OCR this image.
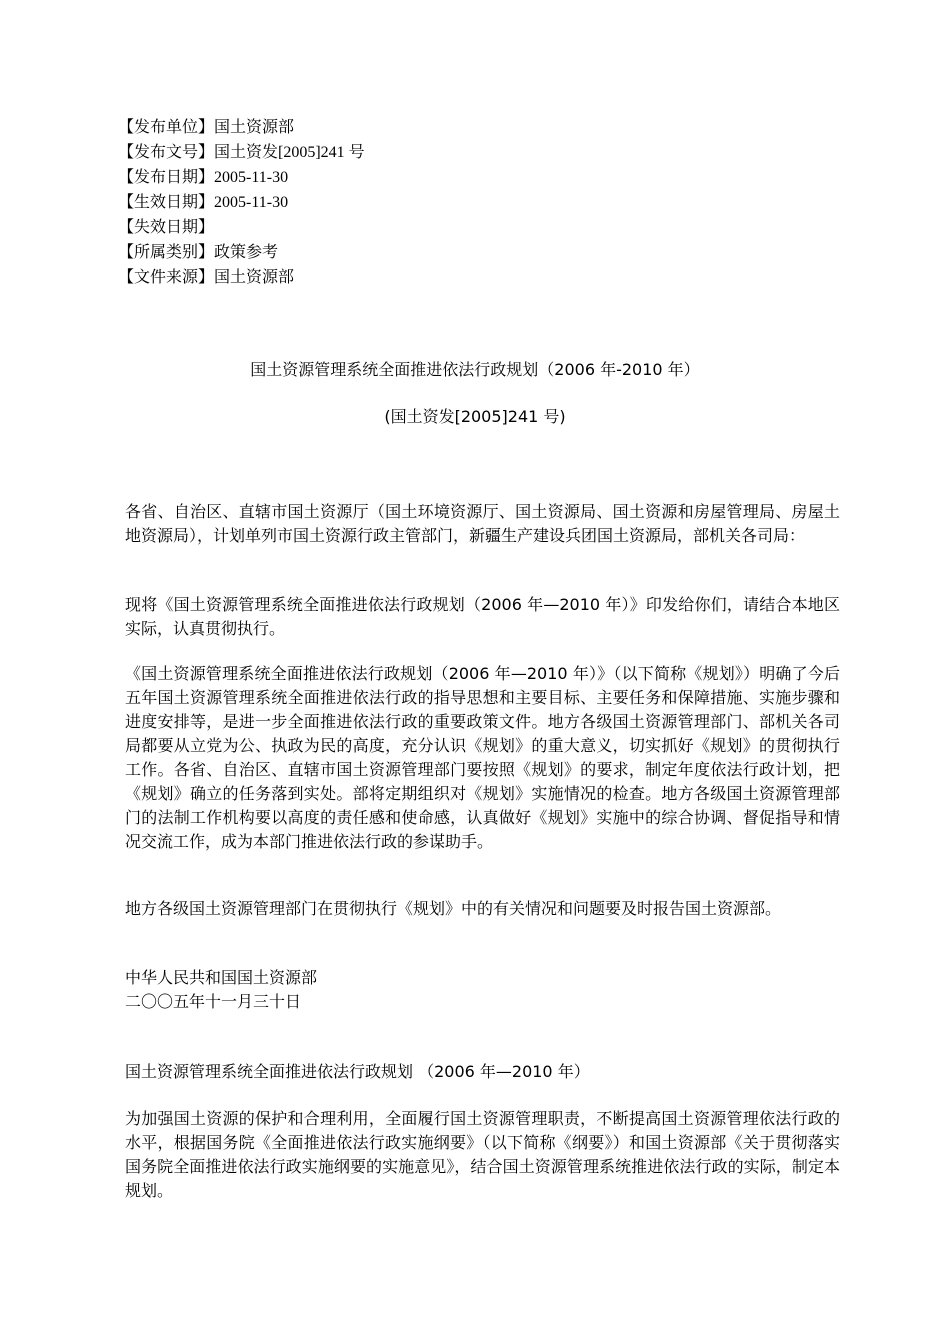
【发布单位】国土资源部
【发布文号】国土资发[2005]241 号
【发布日期】2005-11-30
【生效日期】2005-11-30
【失效日期】
【所属类别】政策参考
【文件来源】国土资源部
国土资源管理系统全面推进依法行政规划（2006 年-2010 年）
(国土资发[2005]241 号)
各省、自治区、直辖市国土资源厅（国土环境资源厅、国土资源局、国土资源和房屋管理局、房屋土地资源局），计划单列市国土资源行政主管部门，新疆生产建设兵团国土资源局，部机关各司局：
现将《国土资源管理系统全面推进依法行政规划（2006 年—2010 年）》印发给你们，请结合本地区实际，认真贯彻执行。
《国土资源管理系统全面推进依法行政规划（2006 年—2010 年）》（以下简称《规划》）明确了今后五年国土资源管理系统全面推进依法行政的指导思想和主要目标、主要任务和保障措施、实施步骤和进度安排等，是进一步全面推进依法行政的重要政策文件。地方各级国土资源管理部门、部机关各司局都要从立党为公、执政为民的高度，充分认识《规划》的重大意义，切实抓好《规划》的贯彻执行工作。各省、自治区、直辖市国土资源管理部门要按照《规划》的要求，制定年度依法行政计划，把《规划》确立的任务落到实处。部将定期组织对《规划》实施情况的检查。地方各级国土资源管理部门的法制工作机构要以高度的责任感和使命感，认真做好《规划》实施中的综合协调、督促指导和情况交流工作，成为本部门推进依法行政的参谋助手。
地方各级国土资源管理部门在贯彻执行《规划》中的有关情况和问题要及时报告国土资源部。
中华人民共和国国土资源部
二〇〇五年十一月三十日
国土资源管理系统全面推进依法行政规划 （2006 年—2010 年）
为加强国土资源的保护和合理利用，全面履行国土资源管理职责，不断提高国土资源管理依法行政的水平，根据国务院《全面推进依法行政实施纲要》（以下简称《纲要》）和国土资源部《关于贯彻落实国务院全面推进依法行政实施纲要的实施意见》，结合国土资源管理系统推进依法行政的实际，制定本规划。
